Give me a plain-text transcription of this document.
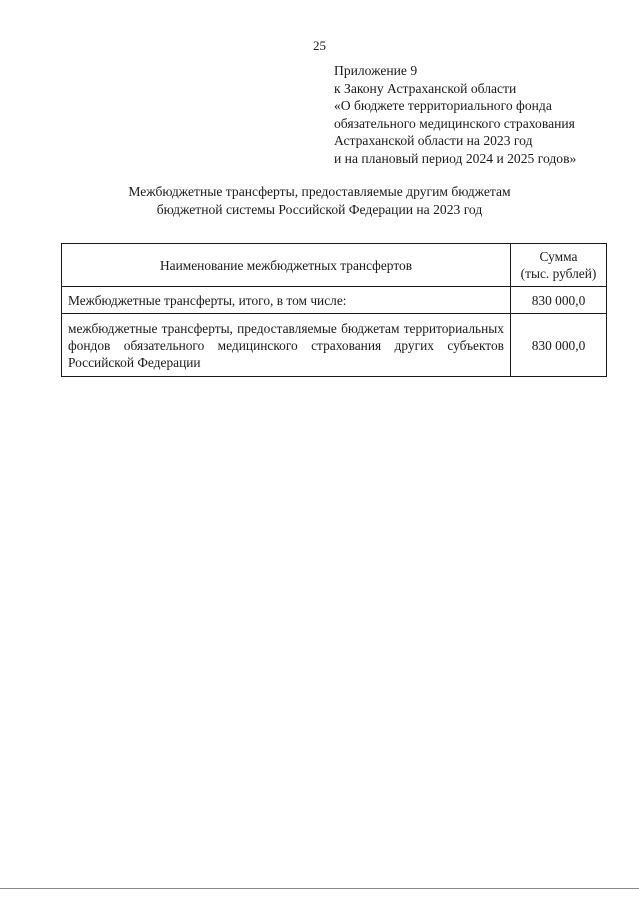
25
Приложение 9
к Закону Астраханской области
«О бюджете территориального фонда
обязательного медицинского страхования
Астраханской области на 2023 год
и на плановый период 2024 и 2025 годов»
Межбюджетные трансферты, предоставляемые другим бюджетам
бюджетной системы Российской Федерации на 2023 год
Наименование межбюджетных трансфертов	Сумма
(тыс. рублей)

Межбюджетные трансферты, итого, в том числе:	830 000,0
межбюджетные трансферты, предоставляемые бюджетам территориальных фондов обязательного медицинского страхования других субъектов Российской Федерации	830 000,0
